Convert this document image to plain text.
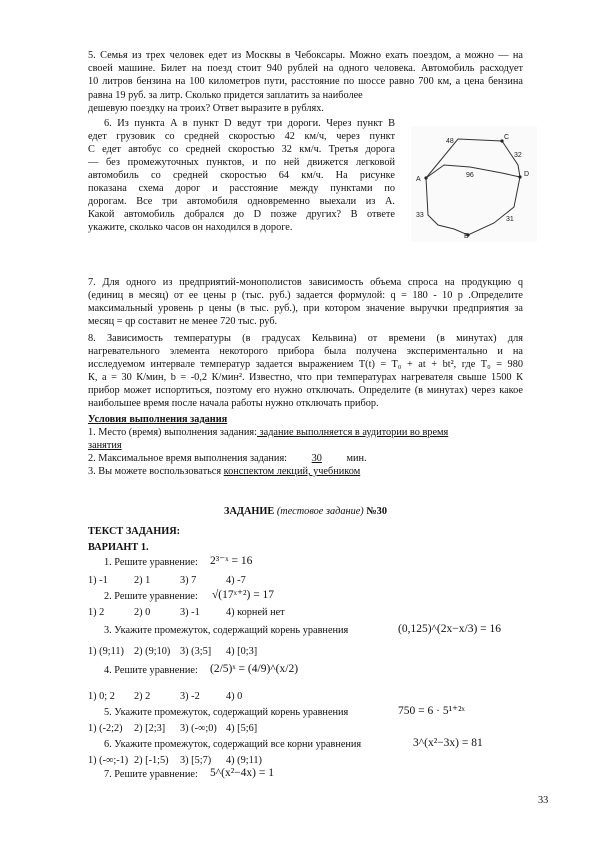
5. Семья из трех человек едет из Москвы в Чебоксары. Можно ехать поездом, а можно — на
своей машине. Билет на поезд стоит 940 рублей на одного человека. Автомобиль расходует
10 литров бензина на 100 километров пути, расстояние по шоссе равно 700 км, а цена бензина
равна 19 руб. за литр. Сколько придется заплатить за наиболее
дешевую поездку на троих? Ответ выразите в рублях.
6. Из пункта A в пункт D ведут три дороги. Через пункт B
едет грузовик со средней скоростью 42 км/ч, через пункт
C едет автобус со средней скоростью 32 км/ч. Третья дорога
— без промежуточных пунктов, и по ней движется легковой
автомобиль со средней скоростью 64 км/ч. На рисунке
показана схема дорог и расстояние между пунктами по
дорогам. Все три автомобиля одновременно выехали из A.
Какой автомобиль добрался до D позже других? В ответе
укажите, сколько часов он находился в дороге.
48
C
32
A
96	D
33
B
31
7. Для одного из предприятий-монополистов зависимость объема спроса на продукцию q
(единиц в месяц) от ее цены p (тыс. руб.) задается формулой: q = 180 - 10 p .Определите
максимальный уровень p цены (в тыс. руб.), при котором значение выручки предприятия за
месяц = qp составит не менее 720 тыс. руб.
8. Зависимость температуры (в градусах Кельвина) от времени (в минутах) для
нагревательного элемента некоторого прибора была получена экспериментально и на
исследуемом интервале температур задается выражением T(t) = T₀ + at + bt², где T₀ = 980
К, a = 30 К/мин, b = -0,2 К/мин². Известно, что при температурах нагревателя свыше 1500 К
прибор может испортиться, поэтому его нужно отключать. Определите (в минутах) через какое
наибольшее время после начала работы нужно отключать прибор.
Условия выполнения задания
1. Место (время) выполнения задания: задание выполняется в аудитории во время
занятия
2. Максимальное время выполнения задания: 30 мин.
3. Вы можете воспользоваться конспектом лекций, учебником
ЗАДАНИЕ (тестовое задание) №30
ТЕКСТ ЗАДАНИЯ:
ВАРИАНТ 1.
1. Решите уравнение:	2³⁻ˣ = 16
1) -1	2) 1	3) 7	4) -7
2. Решите уравнение:	√(17ˣ⁺²) = 17
1) 2	2) 0	3) -1	4) корней нет
3. Укажите промежуток, содержащий корень уравнения	(0,125)^(2x−x/3) = 16
1) (9;11) 2) (9;10) 3) (3;5] 4) [0;3]
4. Решите уравнение:	(2/5)ˣ = (4/9)^(x/2)
1) 0; 2 2) 2	3) -2	4) 0
5. Укажите промежуток, содержащий корень уравнения	750 = 6 · 5¹⁺²ˣ
1) (-2;2) 2) [2;3] 3) (-∞;0) 4) [5;6]
6. Укажите промежуток, содержащий все корни уравнения	3^(x²−3x) = 81
1) (-∞;-1) 2) [-1;5) 3) [5;7) 4) (9;11)
7. Решите уравнение:	5^(x²−4x) = 1
33
